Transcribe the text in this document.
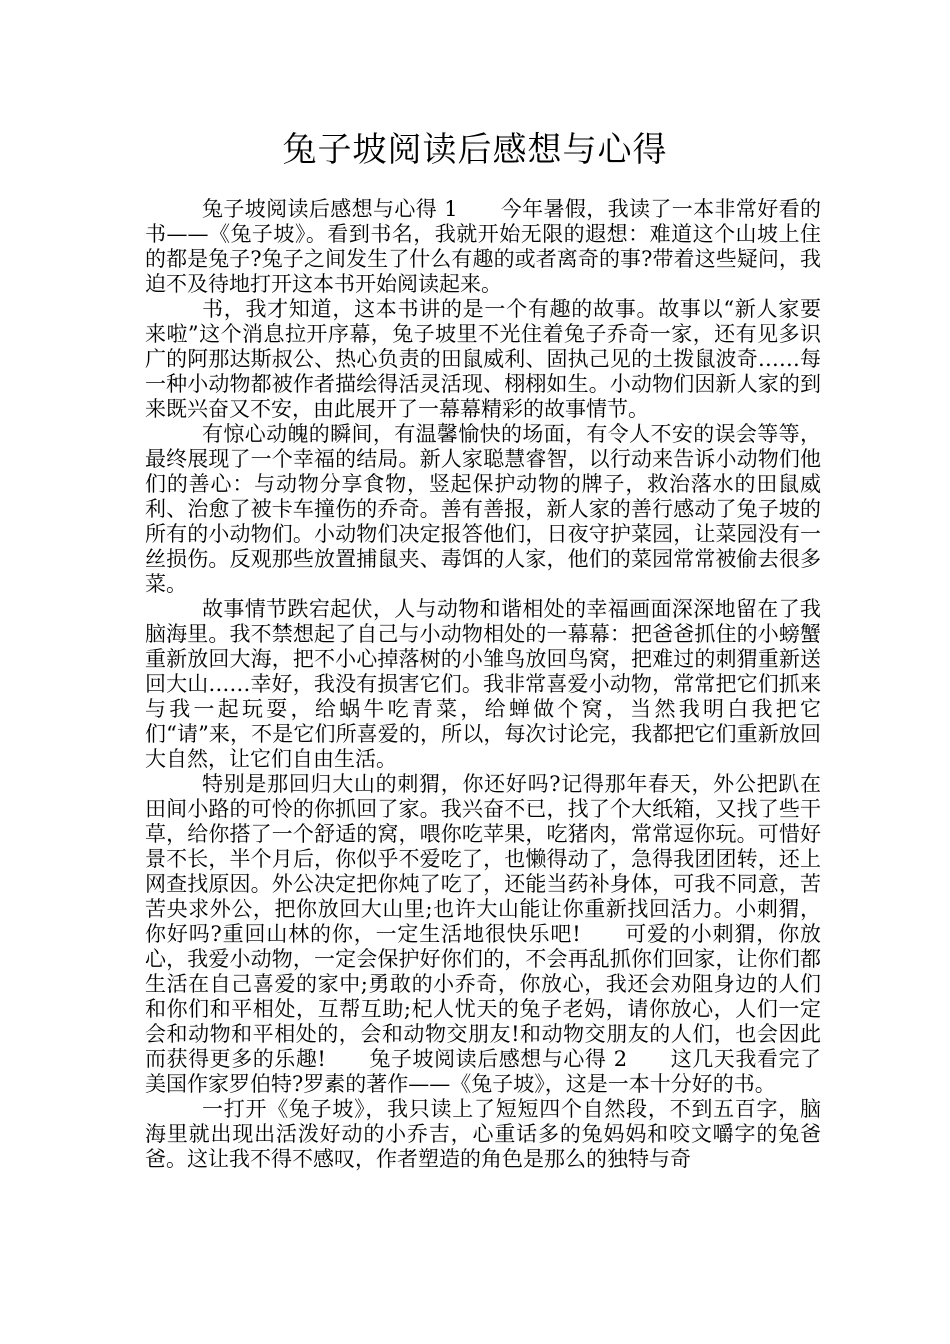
兔子坡阅读后感想与心得

兔子坡阅读后感想与心得 1　　今年暑假，我读了一本非常好看的书——《兔子坡》。看到书名，我就开始无限的遐想：难道这个山坡上住的都是兔子?兔子之间发生了什么有趣的或者离奇的事?带着这些疑问，我迫不及待地打开这本书开始阅读起来。

书，我才知道，这本书讲的是一个有趣的故事。故事以“新人家要来啦”这个消息拉开序幕，兔子坡里不光住着兔子乔奇一家，还有见多识广的阿那达斯叔公、热心负责的田鼠威利、固执己见的土拨鼠波奇……每一种小动物都被作者描绘得活灵活现、栩栩如生。小动物们因新人家的到来既兴奋又不安，由此展开了一幕幕精彩的故事情节。

有惊心动魄的瞬间，有温馨愉快的场面，有令人不安的误会等等，最终展现了一个幸福的结局。新人家聪慧睿智，以行动来告诉小动物们他们的善心：与动物分享食物，竖起保护动物的牌子，救治落水的田鼠威利、治愈了被卡车撞伤的乔奇。善有善报，新人家的善行感动了兔子坡的所有的小动物们。小动物们决定报答他们，日夜守护菜园，让菜园没有一丝损伤。反观那些放置捕鼠夹、毒饵的人家，他们的菜园常常被偷去很多菜。

故事情节跌宕起伏，人与动物和谐相处的幸福画面深深地留在了我脑海里。我不禁想起了自己与小动物相处的一幕幕：把爸爸抓住的小螃蟹重新放回大海，把不小心掉落树的小雏鸟放回鸟窝，把难过的刺猬重新送回大山……幸好，我没有损害它们。我非常喜爱小动物，常常把它们抓来与我一起玩耍，给蜗牛吃青菜，给蝉做个窝，当然我明白我把它们“请”来，不是它们所喜爱的，所以，每次讨论完，我都把它们重新放回大自然，让它们自由生活。

特别是那回归大山的刺猬，你还好吗?记得那年春天，外公把趴在田间小路的可怜的你抓回了家。我兴奋不已，找了个大纸箱，又找了些干草，给你搭了一个舒适的窝，喂你吃苹果，吃猪肉，常常逗你玩。可惜好景不长，半个月后，你似乎不爱吃了，也懒得动了，急得我团团转，还上网查找原因。外公决定把你炖了吃了，还能当药补身体，可我不同意，苦苦央求外公，把你放回大山里;也许大山能让你重新找回活力。小刺猬，你好吗?重回山林的你，一定生活地很快乐吧!　　可爱的小刺猬，你放心，我爱小动物，一定会保护好你们的，不会再乱抓你们回家，让你们都生活在自己喜爱的家中;勇敢的小乔奇，你放心，我还会劝阻身边的人们和你们和平相处，互帮互助;杞人忧天的兔子老妈，请你放心，人们一定会和动物和平相处的，会和动物交朋友!和动物交朋友的人们，也会因此而获得更多的乐趣!　　兔子坡阅读后感想与心得 2　　这几天我看完了美国作家罗伯特?罗素的著作——《兔子坡》，这是一本十分好的书。

一打开《兔子坡》，我只读上了短短四个自然段，不到五百字，脑海里就出现出活泼好动的小乔吉，心重话多的兔妈妈和咬文嚼字的兔爸爸。这让我不得不感叹，作者塑造的角色是那么的独特与奇
